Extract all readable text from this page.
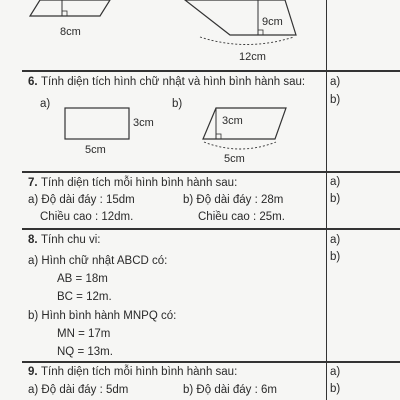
8cm
9cm
12cm
6. Tính diện tích hình chữ nhật và hình bình hành sau:
a)	b)
3cm
5cm
3cm
5cm
a)
b)
7. Tính diện tích mỗi hình bình hành sau:
a) Độ dài đáy : 15dm	b) Độ dài đáy : 28m
Chiều cao : 12dm.	Chiều cao : 25m.
a)
b)
8. Tính chu vi:
a) Hình chữ nhật ABCD có:
AB = 18m
BC = 12m.
b) Hình bình hành MNPQ có:
MN = 17m
NQ = 13m.
a)
b)
9. Tính diện tích mỗi hình bình hành sau:
a) Độ dài đáy : 5dm	b) Độ dài đáy : 6m
a)
b)
